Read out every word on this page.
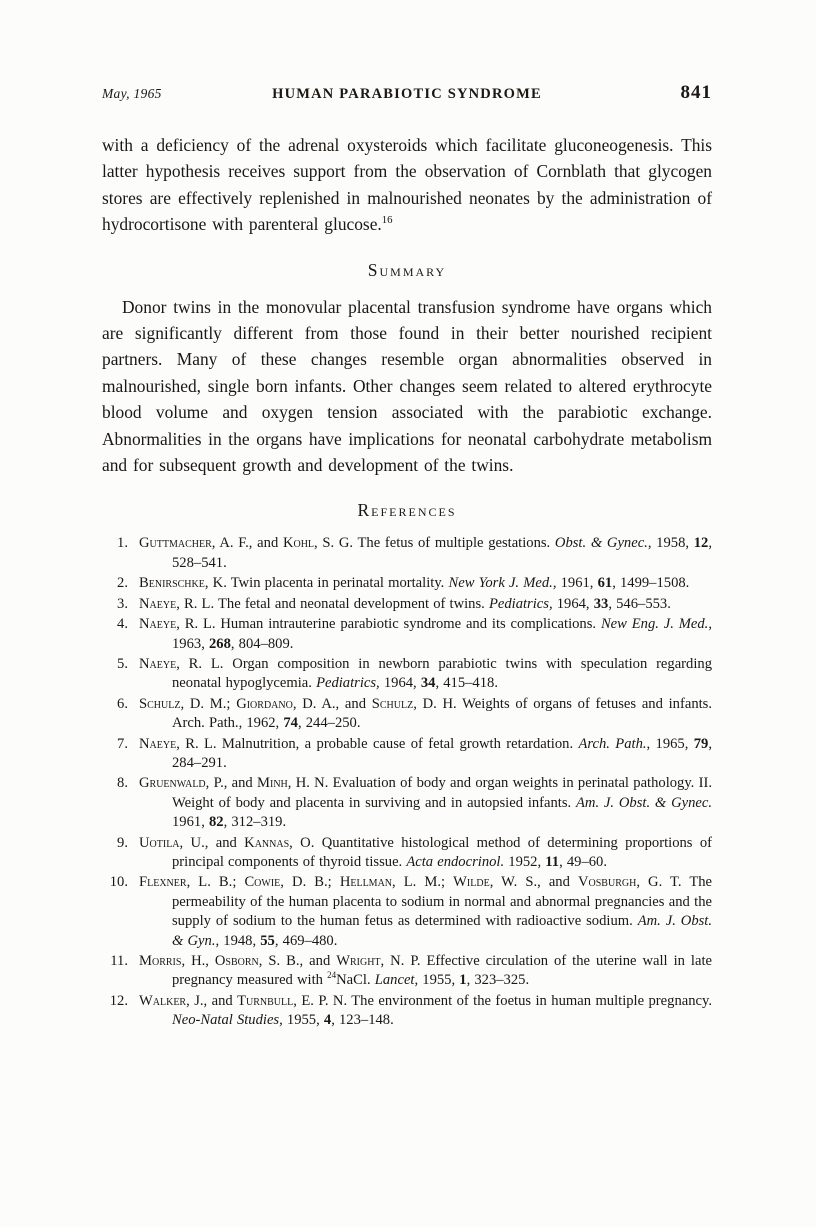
May, 1965	HUMAN PARABIOTIC SYNDROME	841

with a deficiency of the adrenal oxysteroids which facilitate gluconeogenesis. This latter hypothesis receives support from the observation of Cornblath that glycogen stores are effectively replenished in malnourished neonates by the administration of hydrocortisone with parenteral glucose.$^{16}$

Summary

Donor twins in the monovular placental transfusion syndrome have organs which are significantly different from those found in their better nourished recipient partners. Many of these changes resemble organ abnormalities observed in malnourished, single born infants. Other changes seem related to altered erythrocyte blood volume and oxygen tension associated with the parabiotic exchange. Abnormalities in the organs have implications for neonatal carbohydrate metabolism and for subsequent growth and development of the twins.

References
1. Guttmacher, A. F., and Kohl, S. G. The fetus of multiple gestations. Obst. & Gynec., 1958, 12, 528–541.
2. Benirschke, K. Twin placenta in perinatal mortality. New York J. Med., 1961, 61, 1499–1508.
3. Naeye, R. L. The fetal and neonatal development of twins. Pediatrics, 1964, 33, 546–553.
4. Naeye, R. L. Human intrauterine parabiotic syndrome and its complications. New Eng. J. Med., 1963, 268, 804–809.
5. Naeye, R. L. Organ composition in newborn parabiotic twins with speculation regarding neonatal hypoglycemia. Pediatrics, 1964, 34, 415–418.
6. Schulz, D. M.; Giordano, D. A., and Schulz, D. H. Weights of organs of fetuses and infants. Arch. Path., 1962, 74, 244–250.
7. Naeye, R. L. Malnutrition, a probable cause of fetal growth retardation. Arch. Path., 1965, 79, 284–291.
8. Gruenwald, P., and Minh, H. N. Evaluation of body and organ weights in perinatal pathology. II. Weight of body and placenta in surviving and in autopsied infants. Am. J. Obst. & Gynec. 1961, 82, 312–319.
9. Uotila, U., and Kannas, O. Quantitative histological method of determining proportions of principal components of thyroid tissue. Acta endocrinol. 1952, 11, 49–60.
10. Flexner, L. B.; Cowie, D. B.; Hellman, L. M.; Wilde, W. S., and Vosburgh, G. T. The permeability of the human placenta to sodium in normal and abnormal pregnancies and the supply of sodium to the human fetus as determined with radioactive sodium. Am. J. Obst. & Gyn., 1948, 55, 469–480.
11. Morris, H., Osborn, S. B., and Wright, N. P. Effective circulation of the uterine wall in late pregnancy measured with $^{24}$NaCl. Lancet, 1955, 1, 323–325.
12. Walker, J., and Turnbull, E. P. N. The environment of the foetus in human multiple pregnancy. Neo-Natal Studies, 1955, 4, 123–148.
